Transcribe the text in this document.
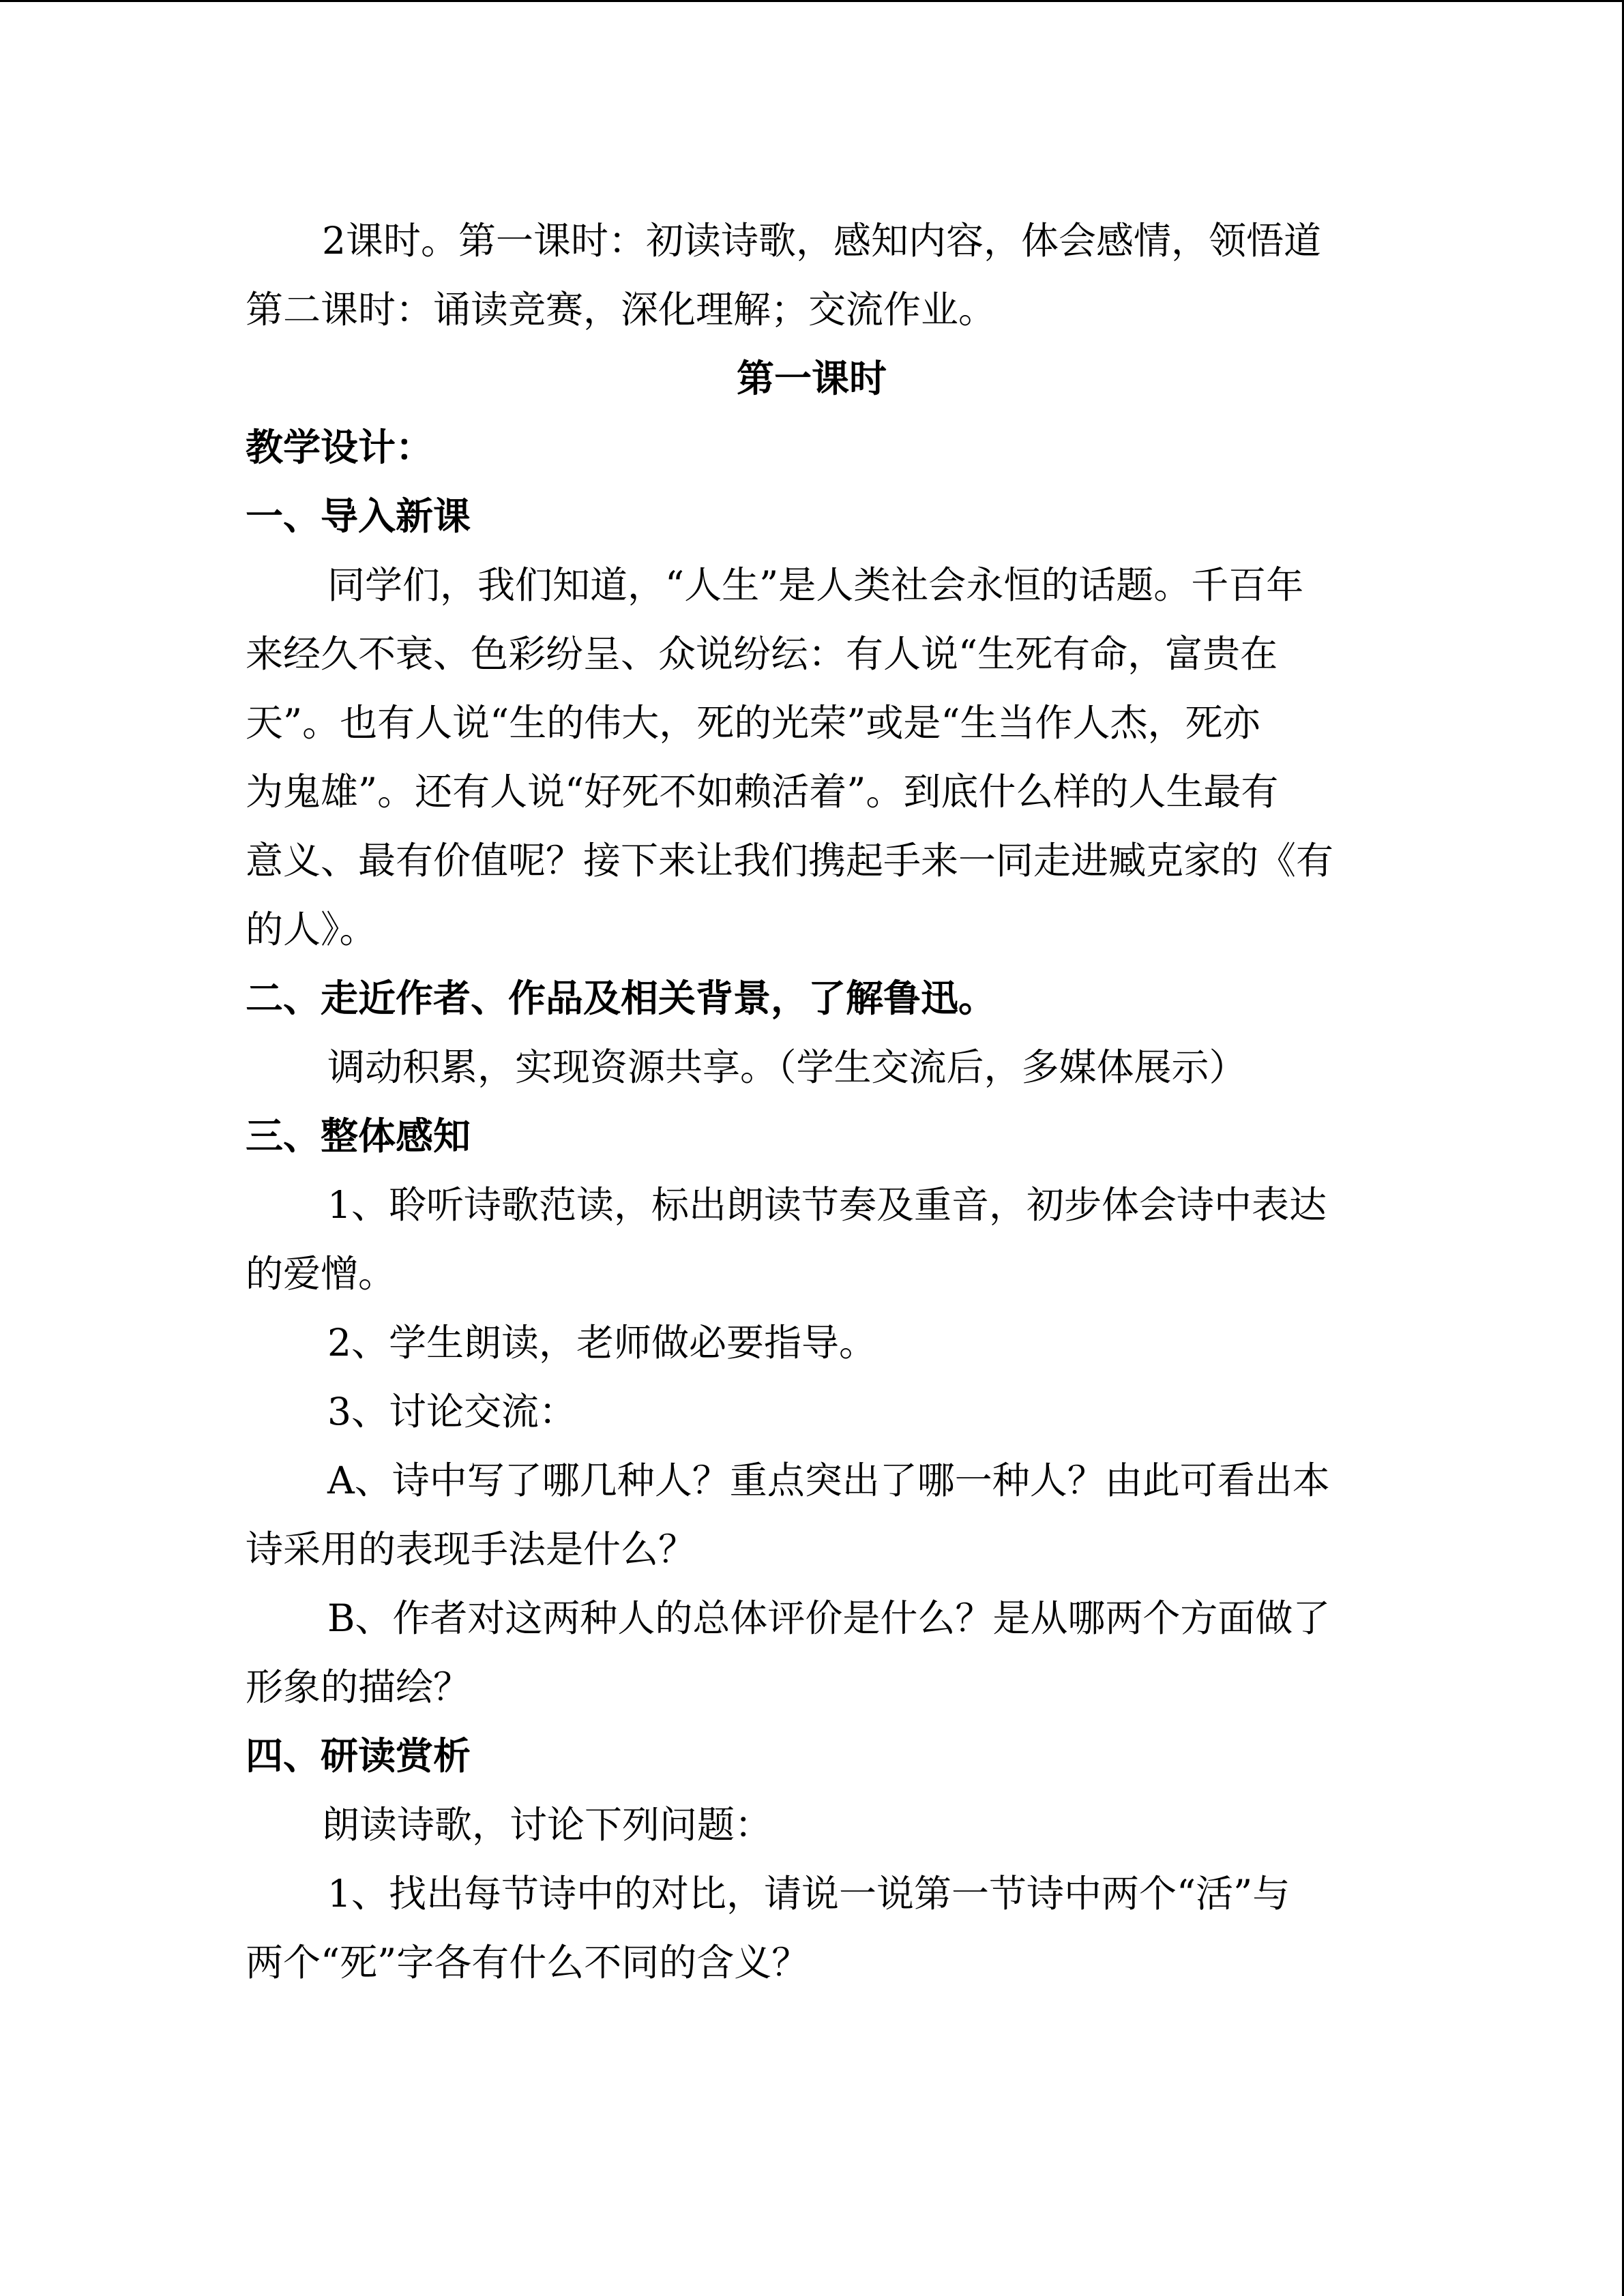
2课时。第一课时：初读诗歌，感知内容，体会感情，领悟道
第二课时：诵读竞赛，深化理解；交流作业。
第一课时
教学设计：
一、导入新课
同学们，我们知道，“人生”是人类社会永恒的话题。千百年
来经久不衰、色彩纷呈、众说纷纭：有人说“生死有命，富贵在
天”。也有人说“生的伟大，死的光荣”或是“生当作人杰，死亦
为鬼雄”。还有人说“好死不如赖活着”。到底什么样的人生最有
意义、最有价值呢？接下来让我们携起手来一同走进臧克家的《有
的人》。
二、走近作者、作品及相关背景，了解鲁迅。
调动积累，实现资源共享。（学生交流后，多媒体展示）
三、整体感知
1、聆听诗歌范读，标出朗读节奏及重音，初步体会诗中表达
的爱憎。
2、学生朗读，老师做必要指导。
3、讨论交流：
A、诗中写了哪几种人？重点突出了哪一种人？由此可看出本
诗采用的表现手法是什么？
B、作者对这两种人的总体评价是什么？是从哪两个方面做了
形象的描绘？
四、研读赏析
朗读诗歌，讨论下列问题：
1、找出每节诗中的对比，请说一说第一节诗中两个“活”与
两个“死”字各有什么不同的含义？
